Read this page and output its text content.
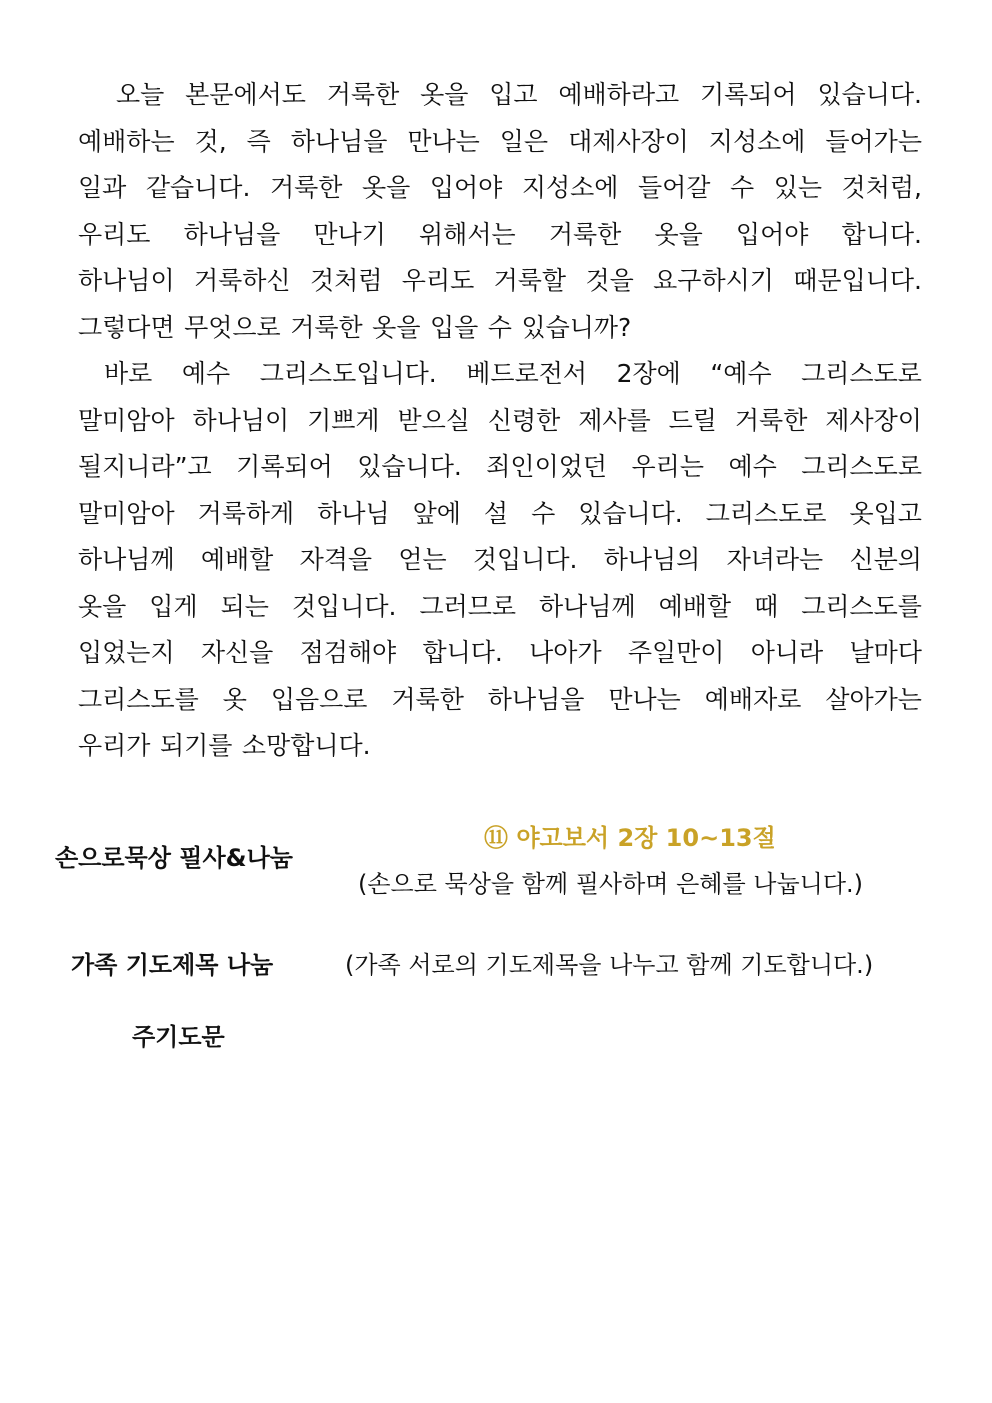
오늘 본문에서도 거룩한 옷을 입고 예배하라고 기록되어 있습니다.
예배하는 것, 즉 하나님을 만나는 일은 대제사장이 지성소에 들어가는
일과 같습니다. 거룩한 옷을 입어야 지성소에 들어갈 수 있는 것처럼,
우리도 하나님을 만나기 위해서는 거룩한 옷을 입어야 합니다.
하나님이 거룩하신 것처럼 우리도 거룩할 것을 요구하시기 때문입니다.
그렇다면 무엇으로 거룩한 옷을 입을 수 있습니까?
바로 예수 그리스도입니다. 베드로전서 2장에 “예수 그리스도로
말미암아 하나님이 기쁘게 받으실 신령한 제사를 드릴 거룩한 제사장이
될지니라”고 기록되어 있습니다. 죄인이었던 우리는 예수 그리스도로
말미암아 거룩하게 하나님 앞에 설 수 있습니다. 그리스도로 옷입고
하나님께 예배할 자격을 얻는 것입니다. 하나님의 자녀라는 신분의
옷을 입게 되는 것입니다. 그러므로 하나님께 예배할 때 그리스도를
입었는지 자신을 점검해야 합니다. 나아가 주일만이 아니라 날마다
그리스도를 옷 입음으로 거룩한 하나님을 만나는 예배자로 살아가는
우리가 되기를 소망합니다.
손으로묵상 필사&나눔
⑪ 야고보서 2장 10~13절
(손으로 묵상을 함께 필사하며 은혜를 나눕니다.)
가족 기도제목 나눔	(가족 서로의 기도제목을 나누고 함께 기도합니다.)
주기도문
